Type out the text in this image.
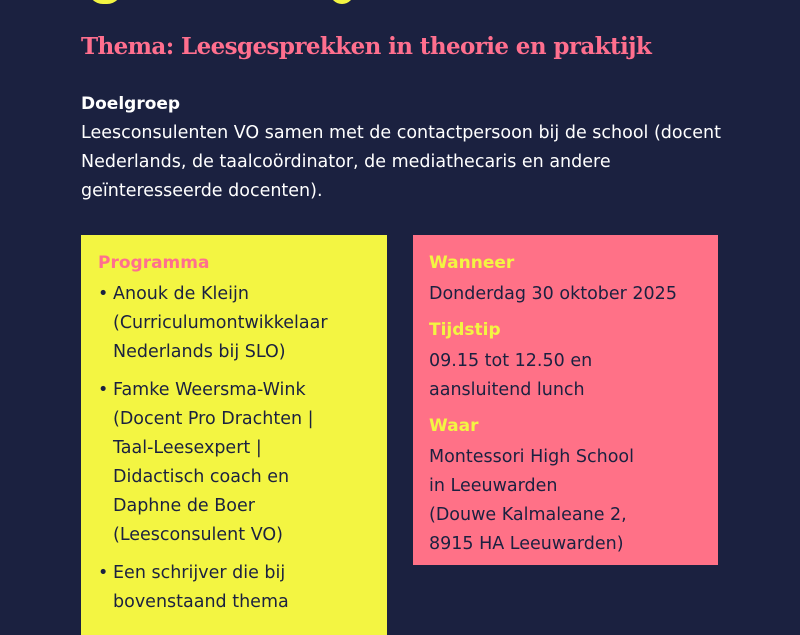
Thema: Leesgesprekken in theorie en praktijk
Doelgroep
Leesconsulenten VO samen met de contactpersoon bij de school (docent Nederlands, de taalcoördinator, de mediathecaris en andere geïnteresseerde docenten).
Programma
• Anouk de Kleijn
(Curriculumontwikkelaar
Nederlands bij SLO)
• Famke Weersma-Wink
(Docent Pro Drachten |
Taal-Leesexpert |
Didactisch coach en
Daphne de Boer
(Leesconsulent VO)
• Een schrijver die bij
bovenstaand thema
Wanneer
Donderdag 30 oktober 2025
Tijdstip
09.15 tot 12.50 en
aansluitend lunch
Waar
Montessori High School
in Leeuwarden
(Douwe Kalmaleane 2,
8915 HA Leeuwarden)
